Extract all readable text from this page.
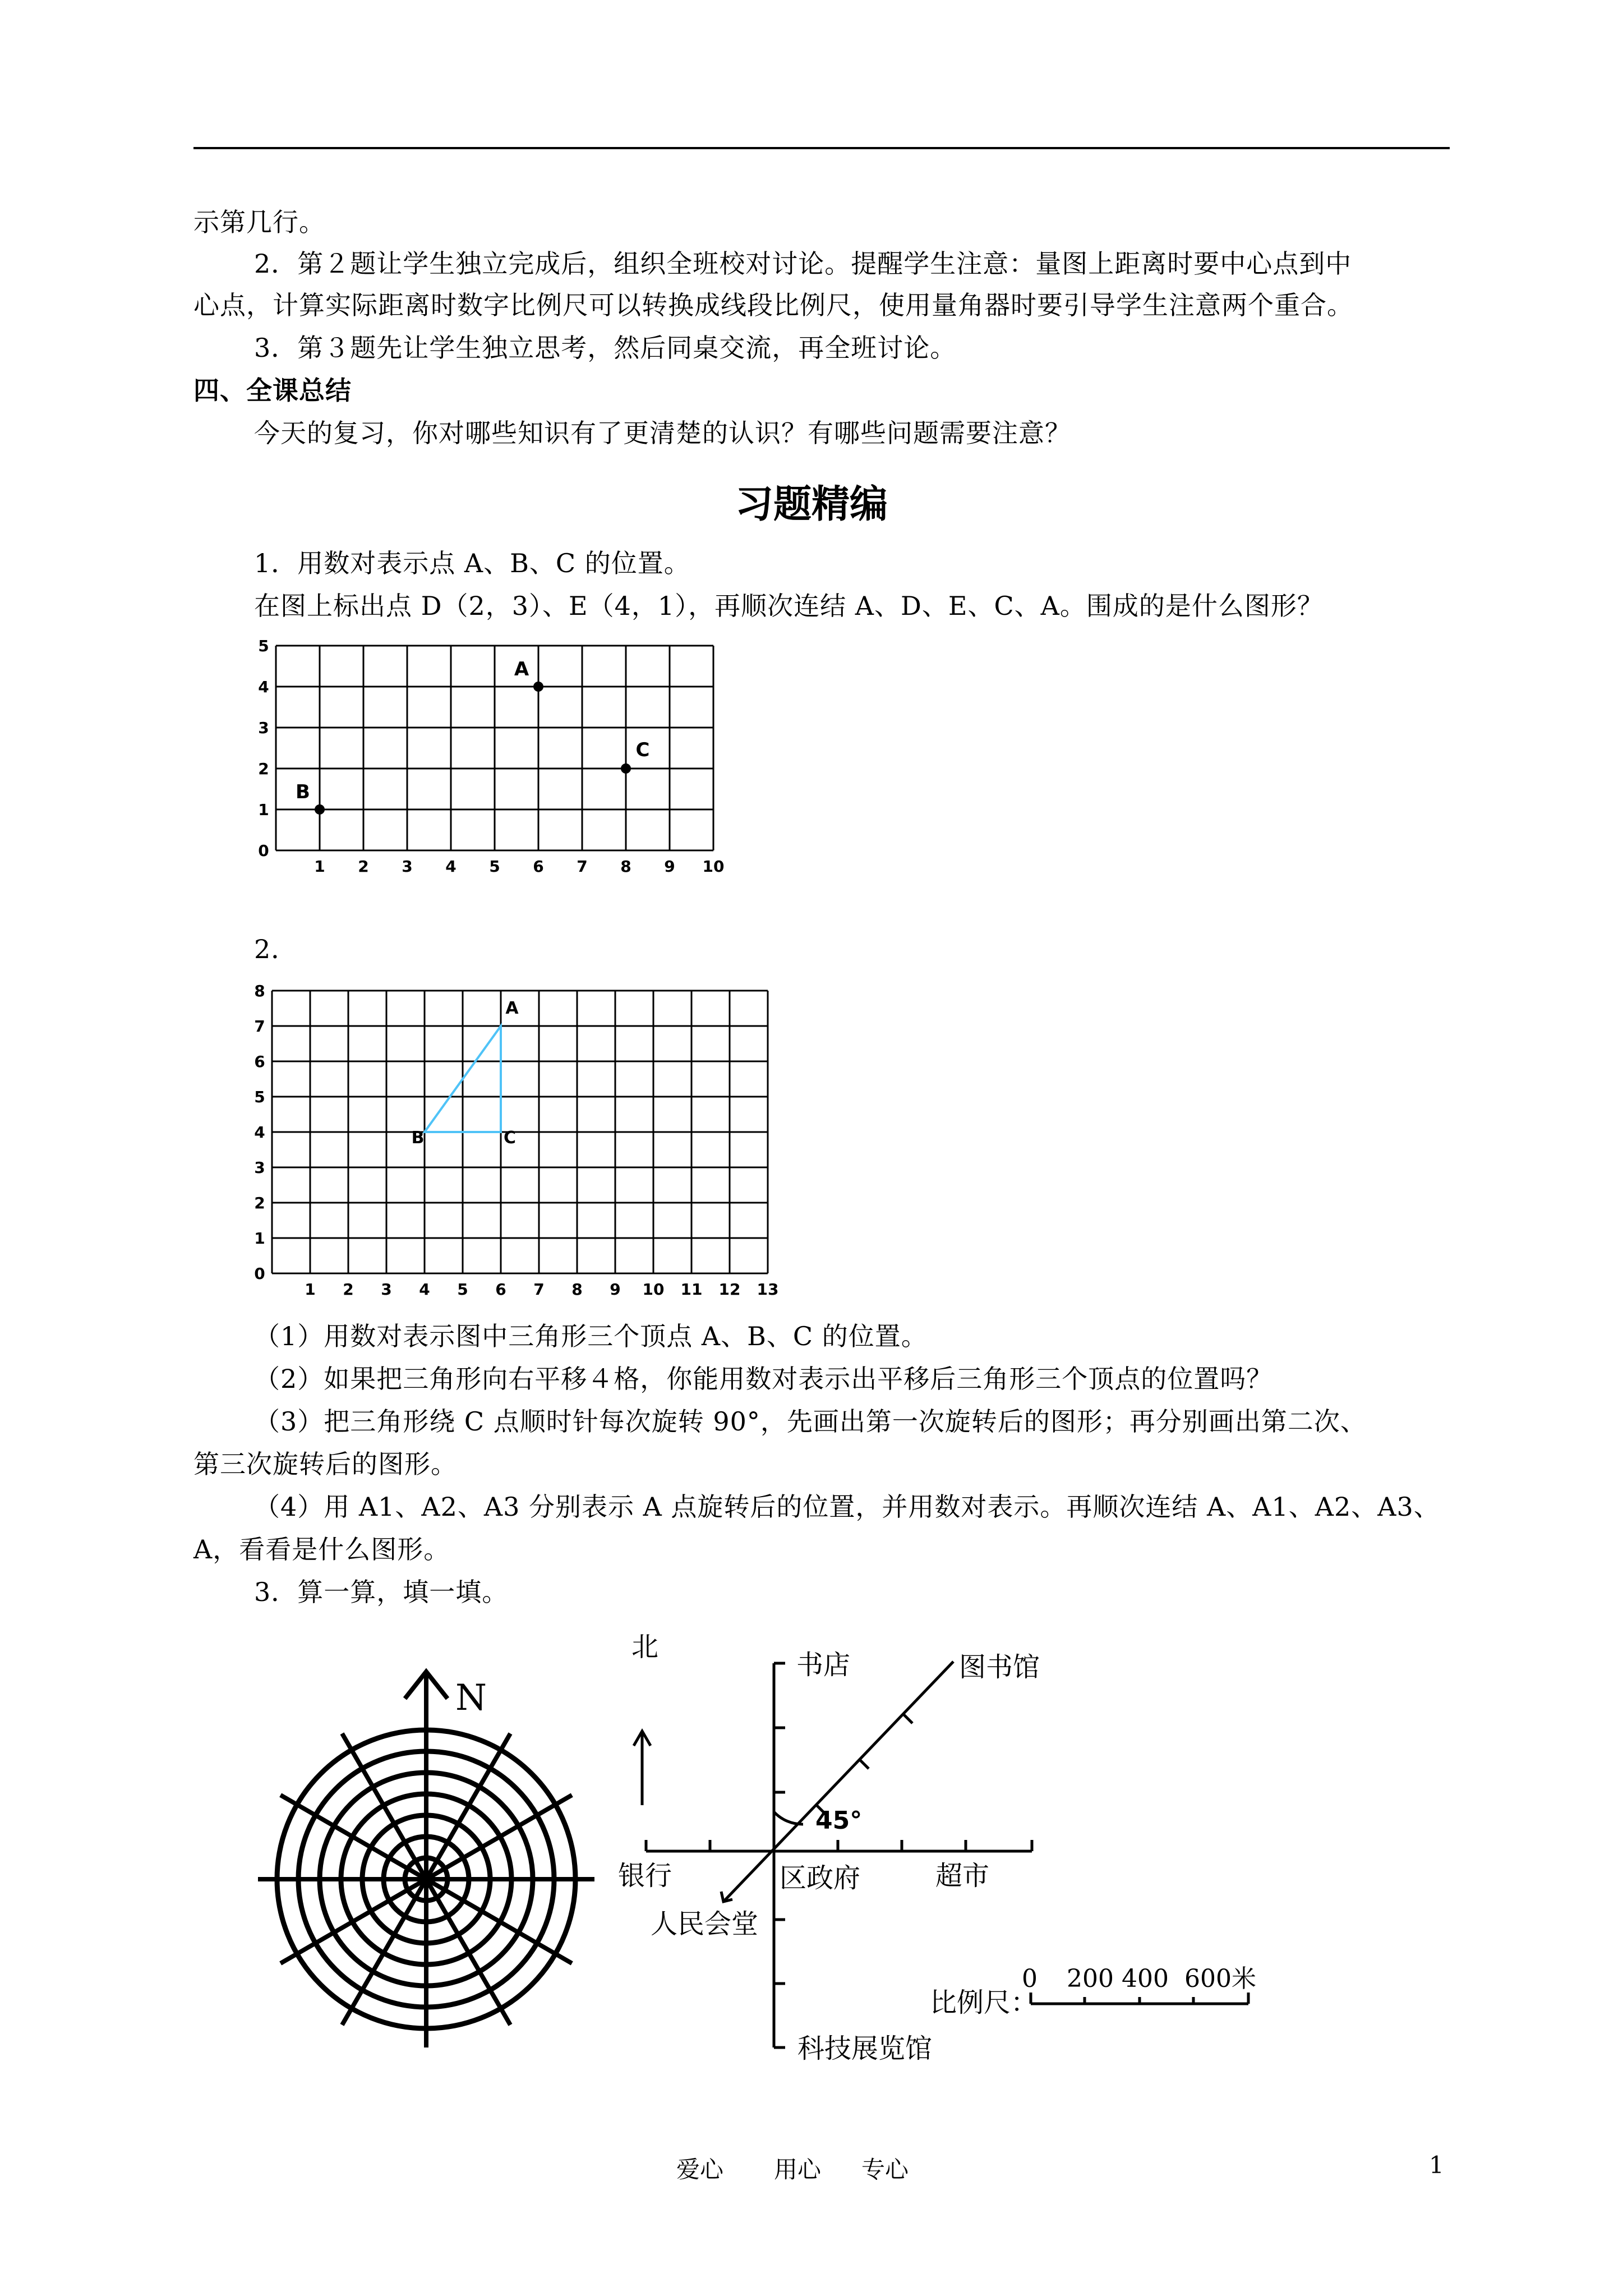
示第几行。
2．第２题让学生独立完成后，组织全班校对讨论。提醒学生注意：量图上距离时要中心点到中
心点，计算实际距离时数字比例尺可以转换成线段比例尺，使用量角器时要引导学生注意两个重合。
3．第３题先让学生独立思考，然后同桌交流，再全班讨论。
四、全课总结
今天的复习，你对哪些知识有了更清楚的认识？有哪些问题需要注意？
习题精编
1．用数对表示点 A、B、C 的位置。
在图上标出点 D（2，3）、E（4，1），再顺次连结 A、D、E、C、A。围成的是什么图形？
1 2 3 4 5 6 7 8 9 10
0
1
2
3
4
5
A
B
C
2．
1 2 3 4 5 6 7 8 9 10 11 12 13
0
1
2
3
4
5
6
7
8
A
B	C
（1）用数对表示图中三角形三个顶点 A、B、C 的位置。
（2）如果把三角形向右平移４格，你能用数对表示出平移后三角形三个顶点的位置吗？
（3）把三角形绕 C 点顺时针每次旋转 90°，先画出第一次旋转后的图形；再分别画出第二次、
第三次旋转后的图形。
（4）用 A1、A2、A3 分别表示 A 点旋转后的位置，并用数对表示。再顺次连结 A、A1、A2、A3、
A，看看是什么图形。
3．算一算，填一填。
N
北
书店	图书馆
银行	区政府	超市
人民会堂
科技展览馆
比例尺：
45°
0 200 400 600米
爱心 用心 专心	1
